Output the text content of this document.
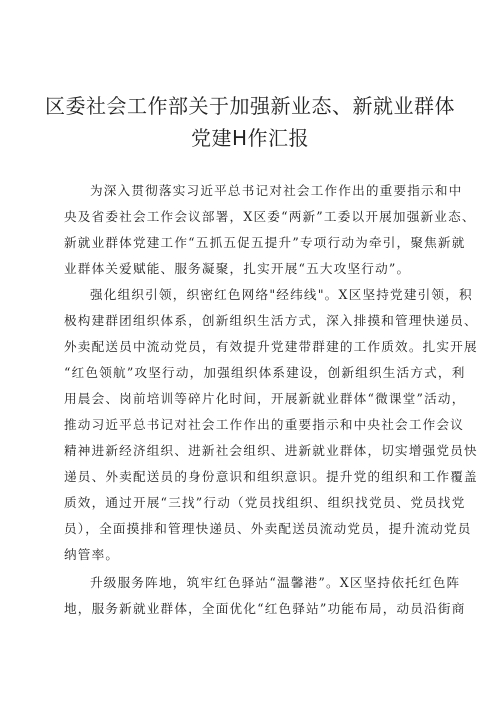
区委社会工作部关于加强新业态、新就业群体
党建H作汇报
为深入贯彻落实习近平总书记对社会工作作出的重要指示和中
央及省委社会工作会议部署，X区委“两新”工委以开展加强新业态、
新就业群体党建工作“五抓五促五提升”专项行动为牵引，聚焦新就
业群体关爱赋能、服务凝聚，扎实开展“五大攻坚行动”。
强化组织引领，织密红色网络"经纬线"。X区坚持党建引领，积
极构建群团组织体系，创新组织生活方式，深入排摸和管理快递员、
外卖配送员中流动党员，有效提升党建带群建的工作质效。扎实开展
“红色领航”攻坚行动，加强组织体系建设，创新组织生活方式，利
用晨会、岗前培训等碎片化时间，开展新就业群体“微课堂”活动，
推动习近平总书记对社会工作作出的重要指示和中央社会工作会议
精神进新经济组织、进新社会组织、进新就业群体，切实增强党员快
递员、外卖配送员的身份意识和组织意识。提升党的组织和工作覆盖
质效，通过开展“三找”行动（党员找组织、组织找党员、党员找党
员），全面摸排和管理快递员、外卖配送员流动党员，提升流动党员
纳管率。
升级服务阵地，筑牢红色驿站“温馨港”。X区坚持依托红色阵
地，服务新就业群体，全面优化“红色驿站”功能布局，动员沿街商
